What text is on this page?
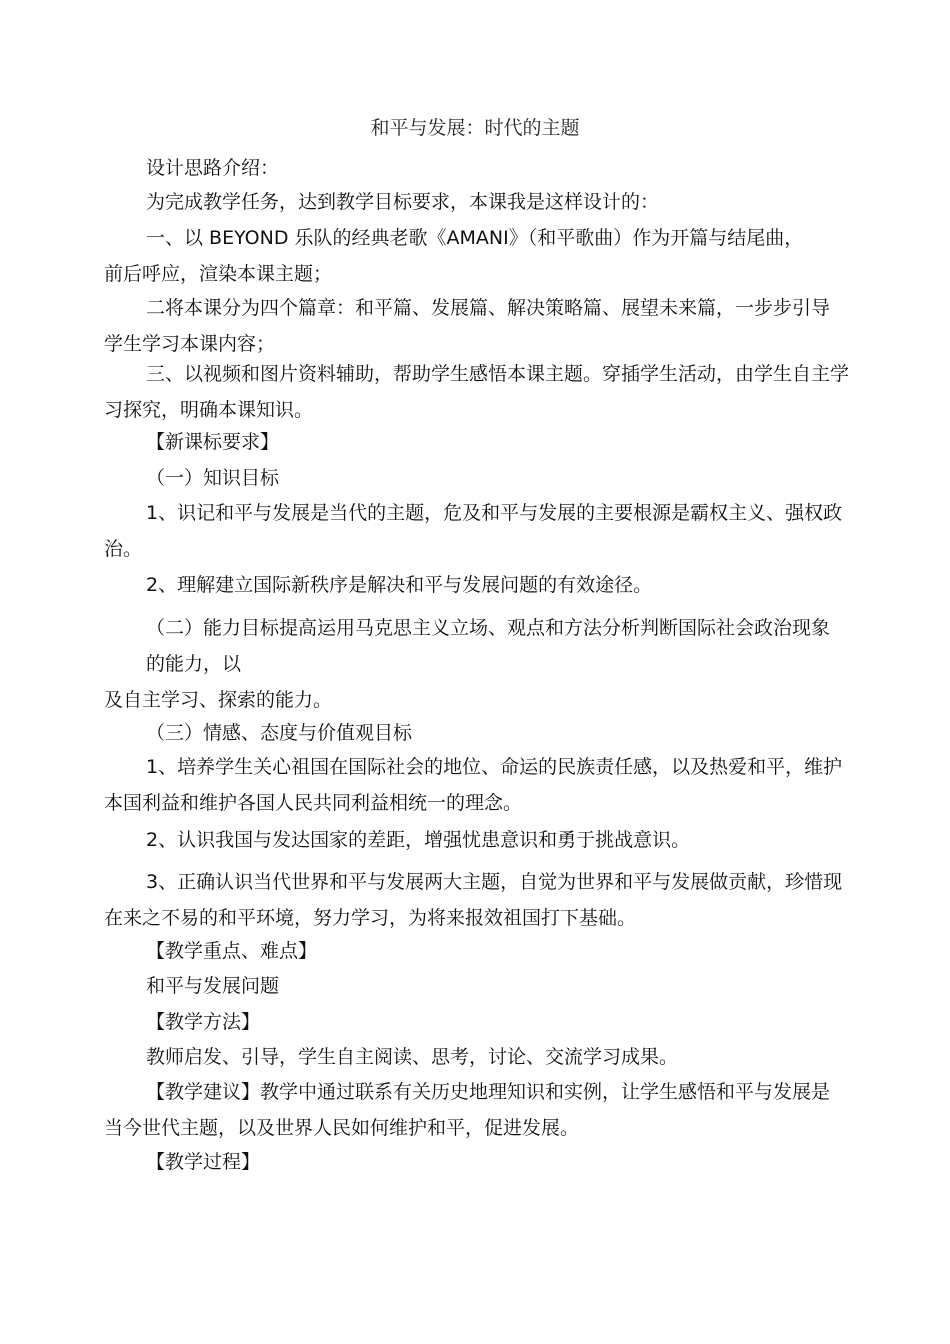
和平与发展：时代的主题
设计思路介绍：
为完成教学任务，达到教学目标要求，本课我是这样设计的：
一、以 BEYOND 乐队的经典老歌《AMANI》（和平歌曲）作为开篇与结尾曲，
前后呼应，渲染本课主题；
二将本课分为四个篇章：和平篇、发展篇、解决策略篇、展望未来篇，一步步引导
学生学习本课内容；
三、以视频和图片资料辅助，帮助学生感悟本课主题。穿插学生活动，由学生自主学
习探究，明确本课知识。
【新课标要求】
（一）知识目标
1、识记和平与发展是当代的主题，危及和平与发展的主要根源是霸权主义、强权政
治。
2、理解建立国际新秩序是解决和平与发展问题的有效途径。
（二）能力目标提高运用马克思主义立场、观点和方法分析判断国际社会政治现象
的能力，以
及自主学习、探索的能力。
（三）情感、态度与价值观目标
1、培养学生关心祖国在国际社会的地位、命运的民族责任感，以及热爱和平，维护
本国利益和维护各国人民共同利益相统一的理念。
2、认识我国与发达国家的差距，增强忧患意识和勇于挑战意识。
3、正确认识当代世界和平与发展两大主题，自觉为世界和平与发展做贡献，珍惜现
在来之不易的和平环境，努力学习，为将来报效祖国打下基础。
【教学重点、难点】
和平与发展问题
【教学方法】
教师启发、引导，学生自主阅读、思考，讨论、交流学习成果。
【教学建议】教学中通过联系有关历史地理知识和实例，让学生感悟和平与发展是
当今世代主题，以及世界人民如何维护和平，促进发展。
【教学过程】
